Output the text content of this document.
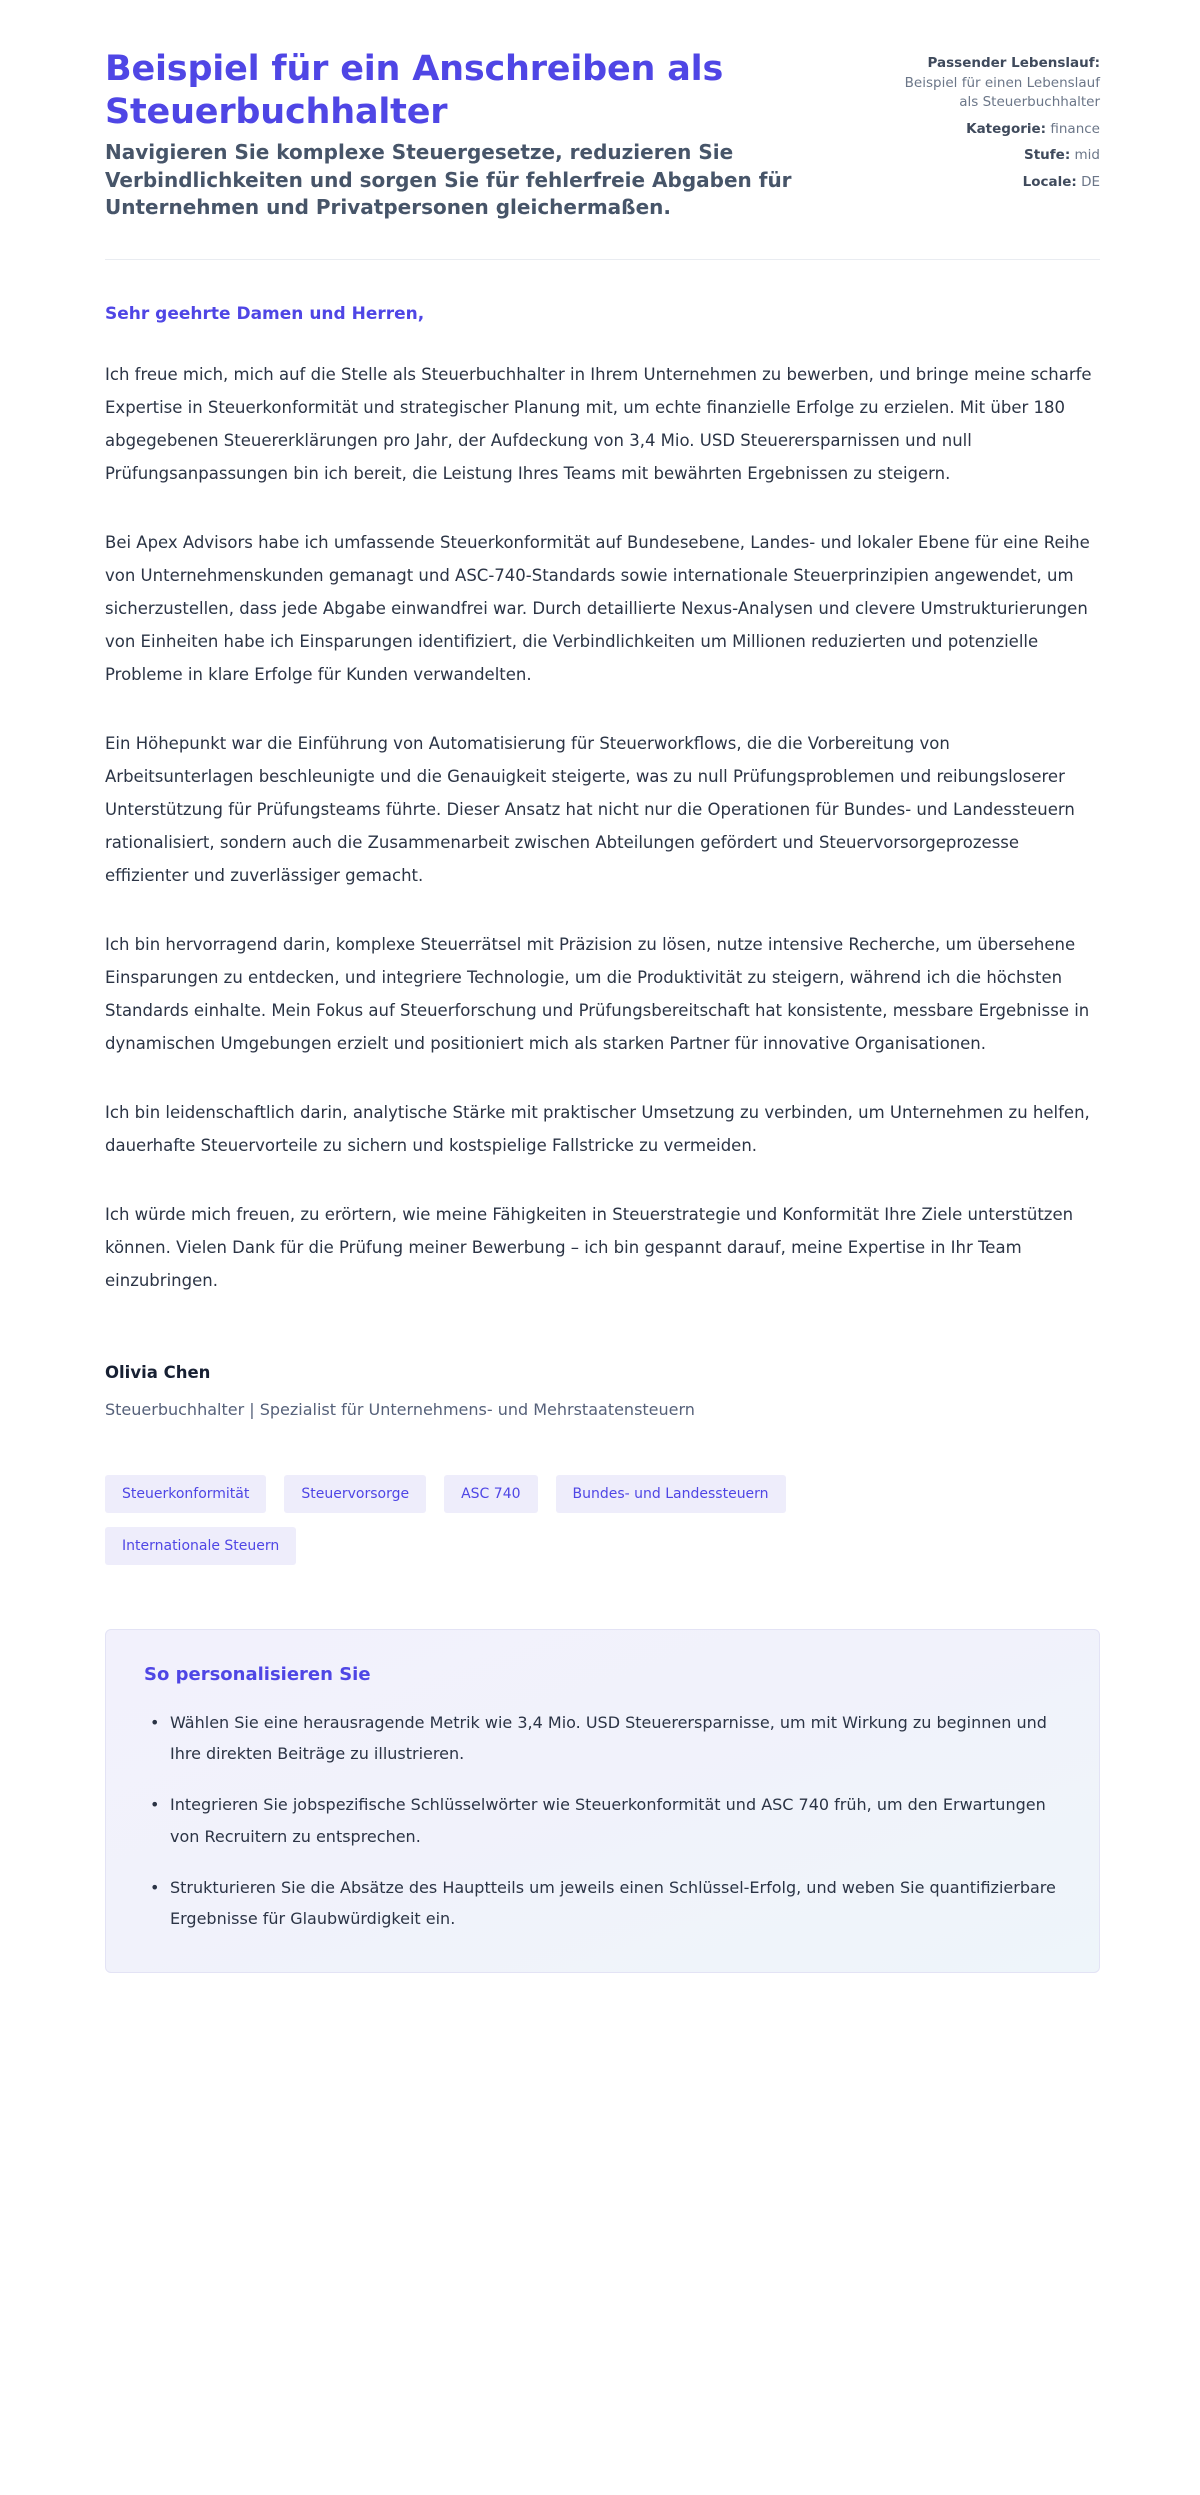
Beispiel für ein Anschreiben als Steuerbuchhalter

Navigieren Sie komplexe Steuergesetze, reduzieren Sie Verbindlichkeiten und sorgen Sie für fehlerfreie Abgaben für Unternehmen und Privatpersonen gleichermaßen.

Passender Lebenslauf: Beispiel für einen Lebenslauf als Steuerbuchhalter
Kategorie: finance
Stufe: mid
Locale: DE

Sehr geehrte Damen und Herren,

Ich freue mich, mich auf die Stelle als Steuerbuchhalter in Ihrem Unternehmen zu bewerben, und bringe meine scharfe Expertise in Steuerkonformität und strategischer Planung mit, um echte finanzielle Erfolge zu erzielen. Mit über 180 abgegebenen Steuererklärungen pro Jahr, der Aufdeckung von 3,4 Mio. USD Steuerersparnissen und null Prüfungsanpassungen bin ich bereit, die Leistung Ihres Teams mit bewährten Ergebnissen zu steigern.

Bei Apex Advisors habe ich umfassende Steuerkonformität auf Bundesebene, Landes- und lokaler Ebene für eine Reihe von Unternehmenskunden gemanagt und ASC-740-Standards sowie internationale Steuerprinzipien angewendet, um sicherzustellen, dass jede Abgabe einwandfrei war. Durch detaillierte Nexus-Analysen und clevere Umstrukturierungen von Einheiten habe ich Einsparungen identifiziert, die Verbindlichkeiten um Millionen reduzierten und potenzielle Probleme in klare Erfolge für Kunden verwandelten.

Ein Höhepunkt war die Einführung von Automatisierung für Steuerworkflows, die die Vorbereitung von Arbeitsunterlagen beschleunigte und die Genauigkeit steigerte, was zu null Prüfungsproblemen und reibungsloserer Unterstützung für Prüfungsteams führte. Dieser Ansatz hat nicht nur die Operationen für Bundes- und Landessteuern rationalisiert, sondern auch die Zusammenarbeit zwischen Abteilungen gefördert und Steuervorsorgeprozesse effizienter und zuverlässiger gemacht.

Ich bin hervorragend darin, komplexe Steuerrätsel mit Präzision zu lösen, nutze intensive Recherche, um übersehene Einsparungen zu entdecken, und integriere Technologie, um die Produktivität zu steigern, während ich die höchsten Standards einhalte. Mein Fokus auf Steuerforschung und Prüfungsbereitschaft hat konsistente, messbare Ergebnisse in dynamischen Umgebungen erzielt und positioniert mich als starken Partner für innovative Organisationen.

Ich bin leidenschaftlich darin, analytische Stärke mit praktischer Umsetzung zu verbinden, um Unternehmen zu helfen, dauerhafte Steuervorteile zu sichern und kostspielige Fallstricke zu vermeiden.

Ich würde mich freuen, zu erörtern, wie meine Fähigkeiten in Steuerstrategie und Konformität Ihre Ziele unterstützen können. Vielen Dank für die Prüfung meiner Bewerbung – ich bin gespannt darauf, meine Expertise in Ihr Team einzubringen.

Olivia Chen

Steuerbuchhalter | Spezialist für Unternehmens- und Mehrstaatensteuern

Steuerkonformität	Steuervorsorge	ASC 740	Bundes- und Landessteuern
Internationale Steuern
So personalisieren Sie
• Wählen Sie eine herausragende Metrik wie 3,4 Mio. USD Steuerersparnisse, um mit Wirkung zu beginnen und Ihre direkten Beiträge zu illustrieren.
• Integrieren Sie jobspezifische Schlüsselwörter wie Steuerkonformität und ASC 740 früh, um den Erwartungen von Recruitern zu entsprechen.
• Strukturieren Sie die Absätze des Hauptteils um jeweils einen Schlüssel-Erfolg, und weben Sie quantifizierbare Ergebnisse für Glaubwürdigkeit ein.
